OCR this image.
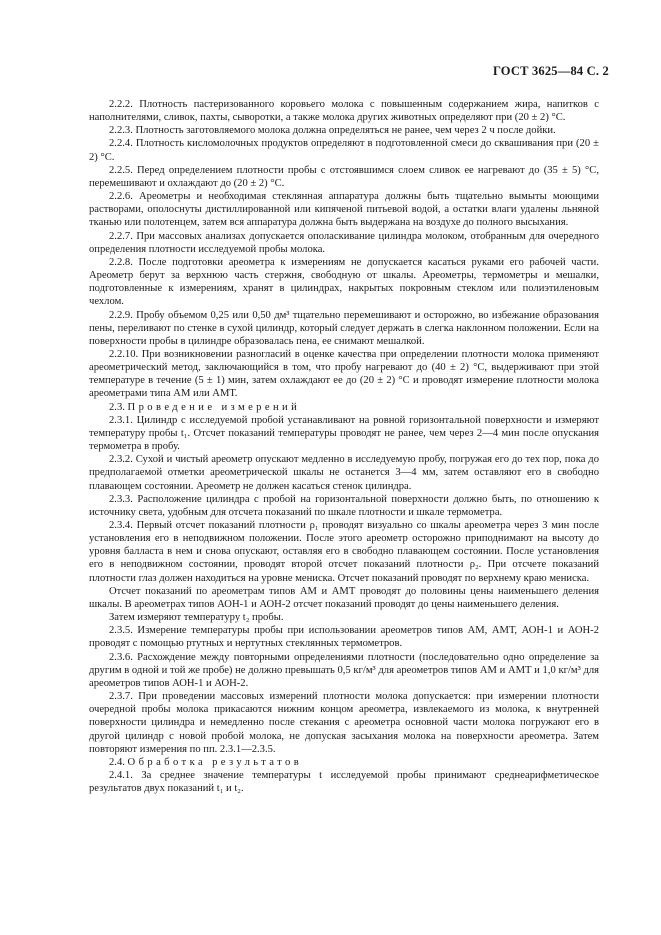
ГОСТ 3625—84 С. 2

2.2.2. Плотность пастеризованного коровьего молока с повышенным содержанием жира, напитков с наполнителями, сливок, пахты, сыворотки, а также молока других животных определяют при (20 ± 2) °С.

2.2.3. Плотность заготовляемого молока должна определяться не ранее, чем через 2 ч после дойки.

2.2.4. Плотность кисломолочных продуктов определяют в подготовленной смеси до сквашивания при (20 ± 2) °С.

2.2.5. Перед определением плотности пробы с отстоявшимся слоем сливок ее нагревают до (35 ± 5) °С, перемешивают и охлаждают до (20 ± 2) °С.

2.2.6. Ареометры и необходимая стеклянная аппаратура должны быть тщательно вымыты моющими растворами, ополоснуты дистиллированной или кипяченой питьевой водой, а остатки влаги удалены льняной тканью или полотенцем, затем вся аппаратура должна быть выдержана на воздухе до полного высыхания.

2.2.7. При массовых анализах допускается ополаскивание цилиндра молоком, отобранным для очередного определения плотности исследуемой пробы молока.

2.2.8. После подготовки ареометра к измерениям не допускается касаться руками его рабочей части. Ареометр берут за верхнюю часть стержня, свободную от шкалы. Ареометры, термометры и мешалки, подготовленные к измерениям, хранят в цилиндрах, накрытых покровным стеклом или полиэтиленовым чехлом.

2.2.9. Пробу объемом 0,25 или 0,50 дм³ тщательно перемешивают и осторожно, во избежание образования пены, переливают по стенке в сухой цилиндр, который следует держать в слегка наклонном положении. Если на поверхности пробы в цилиндре образовалась пена, ее снимают мешалкой.

2.2.10. При возникновении разногласий в оценке качества при определении плотности молока применяют ареометрический метод, заключающийся в том, что пробу нагревают до (40 ± 2) °С, выдерживают при этой температуре в течение (5 ± 1) мин, затем охлаждают ее до (20 ± 2) °С и проводят измерение плотности молока ареометрами типа АМ или АМТ.

2.3. Проведение измерений

2.3.1. Цилиндр с исследуемой пробой устанавливают на ровной горизонтальной поверхности и измеряют температуру пробы t₁. Отсчет показаний температуры проводят не ранее, чем через 2—4 мин после опускания термометра в пробу.

2.3.2. Сухой и чистый ареометр опускают медленно в исследуемую пробу, погружая его до тех пор, пока до предполагаемой отметки ареометрической шкалы не останется 3—4 мм, затем оставляют его в свободно плавающем состоянии. Ареометр не должен касаться стенок цилиндра.

2.3.3. Расположение цилиндра с пробой на горизонтальной поверхности должно быть, по отношению к источнику света, удобным для отсчета показаний по шкале плотности и шкале термометра.

2.3.4. Первый отсчет показаний плотности ρ₁ проводят визуально со шкалы ареометра через 3 мин после установления его в неподвижном положении. После этого ареометр осторожно приподнимают на высоту до уровня балласта в нем и снова опускают, оставляя его в свободно плавающем состоянии. После установления его в неподвижном состоянии, проводят второй отсчет показаний плотности ρ₂. При отсчете показаний плотности глаз должен находиться на уровне мениска. Отсчет показаний проводят по верхнему краю мениска.

Отсчет показаний по ареометрам типов АМ и АМТ проводят до половины цены наименьшего деления шкалы. В ареометрах типов АОН-1 и АОН-2 отсчет показаний проводят до цены наименьшего деления.

Затем измеряют температуру t₂ пробы.

2.3.5. Измерение температуры пробы при использовании ареометров типов АМ, АМТ, АОН-1 и АОН-2 проводят с помощью ртутных и нертутных стеклянных термометров.

2.3.6. Расхождение между повторными определениями плотности (последовательно одно определение за другим в одной и той же пробе) не должно превышать 0,5 кг/м³ для ареометров типов АМ и АМТ и 1,0 кг/м³ для ареометров типов АОН-1 и АОН-2.

2.3.7. При проведении массовых измерений плотности молока допускается: при измерении плотности очередной пробы молока прикасаются нижним концом ареометра, извлекаемого из молока, к внутренней поверхности цилиндра и немедленно после стекания с ареометра основной части молока погружают его в другой цилиндр с новой пробой молока, не допуская засыхания молока на поверхности ареометра. Затем повторяют измерения по пп. 2.3.1—2.3.5.

2.4. Обработка результатов

2.4.1. За среднее значение температуры t исследуемой пробы принимают среднеарифметическое результатов двух показаний t₁ и t₂.
